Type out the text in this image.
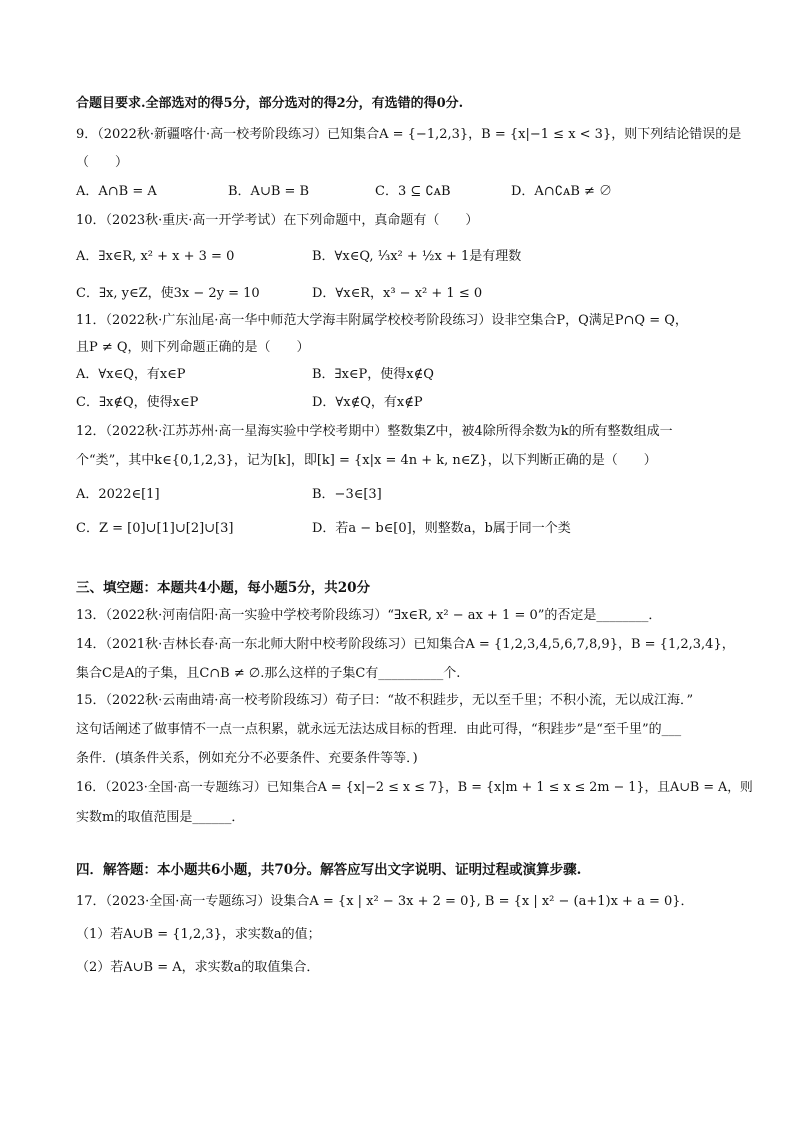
合题目要求.全部选对的得5分，部分选对的得2分，有选错的得0分.
9．（2022秋·新疆喀什·高一校考阶段练习）已知集合A = {−1,2,3}，B = {x|−1 ≤ x < 3}，则下列结论错误的是
（　　）
A．A∩B = A	B．A∪B = B	C．3 ⊆ ∁ᴀB	D．A∩∁ᴀB ≠ ∅
10．（2023秋·重庆·高一开学考试）在下列命题中，真命题有（　　）
A．∃x∈R, x² + x + 3 = 0	B．∀x∈Q, ⅓x² + ½x + 1是有理数
C．∃x, y∈Z，使3x − 2y = 10	D．∀x∈R，x³ − x² + 1 ≤ 0
11．（2022秋·广东汕尾·高一华中师范大学海丰附属学校校考阶段练习）设非空集合P，Q满足P∩Q = Q，
且P ≠ Q，则下列命题正确的是（　　）
A．∀x∈Q，有x∈P	B．∃x∈P，使得x∉Q
C．∃x∉Q，使得x∈P	D．∀x∉Q，有x∉P
12．（2022秋·江苏苏州·高一星海实验中学校考期中）整数集Z中，被4除所得余数为k的所有整数组成一
个“类”，其中k∈{0,1,2,3}，记为[k]，即[k] = {x|x = 4n + k, n∈Z}，以下判断正确的是（　　）
A．2022∈[1]	B．−3∈[3]
C．Z = [0]∪[1]∪[2]∪[3]	D．若a − b∈[0]，则整数a，b属于同一个类
三、填空题：本题共4小题，每小题5分，共20分
13．（2022秋·河南信阳·高一实验中学校考阶段练习）“∃x∈R, x² − ax + 1 = 0”的否定是________．
14．（2021秋·吉林长春·高一东北师大附中校考阶段练习）已知集合A = {1,2,3,4,5,6,7,8,9}，B = {1,2,3,4}，
集合C是A的子集，且C∩B ≠ ∅.那么这样的子集C有__________个.
15．（2022秋·云南曲靖·高一校考阶段练习）荀子曰：“故不积跬步，无以至千里；不积小流，无以成江海．”
这句话阐述了做事情不一点一点积累，就永远无法达成目标的哲理．由此可得，“积跬步”是“至千里”的___
条件．(填条件关系，例如充分不必要条件、充要条件等等．)
16．（2023·全国·高一专题练习）已知集合A = {x|−2 ≤ x ≤ 7}，B = {x|m + 1 ≤ x ≤ 2m − 1}，且A∪B = A，则
实数m的取值范围是______．
四．解答题：本小题共6小题，共70分。解答应写出文字说明、证明过程或演算步骤.
17．（2023·全国·高一专题练习）设集合A = {x | x² − 3x + 2 = 0}, B = {x | x² − (a+1)x + a = 0}．
（1）若A∪B = {1,2,3}，求实数a的值；
（2）若A∪B = A，求实数a的取值集合．
